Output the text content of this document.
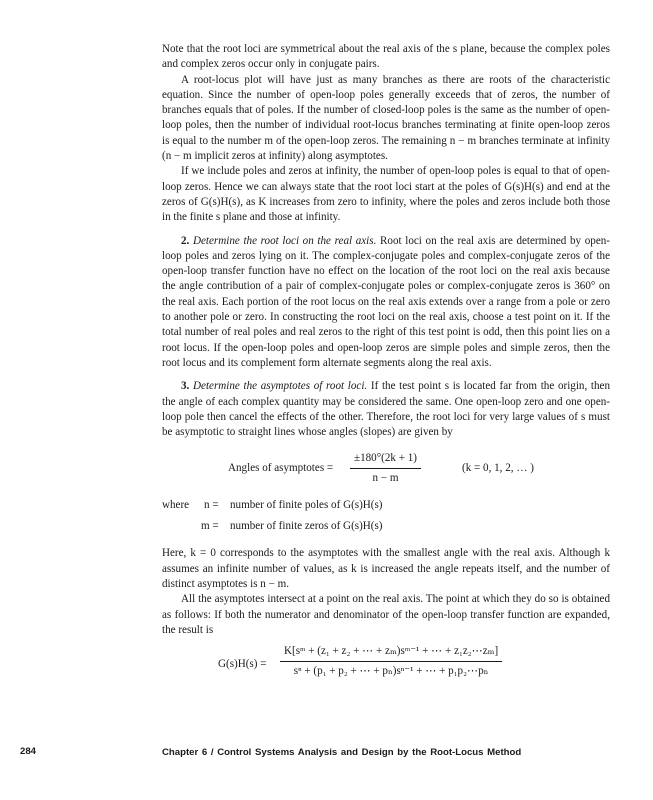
Note that the root loci are symmetrical about the real axis of the s plane, because the complex poles and complex zeros occur only in conjugate pairs.

A root-locus plot will have just as many branches as there are roots of the characteristic equation. Since the number of open-loop poles generally exceeds that of zeros, the number of branches equals that of poles. If the number of closed-loop poles is the same as the number of open-loop poles, then the number of individual root-locus branches terminating at finite open-loop zeros is equal to the number m of the open-loop zeros. The remaining n − m branches terminate at infinity (n − m implicit zeros at infinity) along asymptotes.

If we include poles and zeros at infinity, the number of open-loop poles is equal to that of open-loop zeros. Hence we can always state that the root loci start at the poles of G(s)H(s) and end at the zeros of G(s)H(s), as K increases from zero to infinity, where the poles and zeros include both those in the finite s plane and those at infinity.

2. Determine the root loci on the real axis. Root loci on the real axis are determined by open-loop poles and zeros lying on it. The complex-conjugate poles and complex-conjugate zeros of the open-loop transfer function have no effect on the location of the root loci on the real axis because the angle contribution of a pair of complex-conjugate poles or complex-conjugate zeros is 360° on the real axis. Each portion of the root locus on the real axis extends over a range from a pole or zero to another pole or zero. In constructing the root loci on the real axis, choose a test point on it. If the total number of real poles and real zeros to the right of this test point is odd, then this point lies on a root locus. If the open-loop poles and open-loop zeros are simple poles and simple zeros, then the root locus and its complement form alternate segments along the real axis.

3. Determine the asymptotes of root loci. If the test point s is located far from the origin, then the angle of each complex quantity may be considered the same. One open-loop zero and one open-loop pole then cancel the effects of the other. Therefore, the root loci for very large values of s must be asymptotic to straight lines whose angles (slopes) are given by

Angles of asymptotes =
±180°(2k + 1)
n − m
(k = 0, 1, 2, … )
where n = number of finite poles of G(s)H(s)
m = number of finite zeros of G(s)H(s)

Here, k = 0 corresponds to the asymptotes with the smallest angle with the real axis. Although k assumes an infinite number of values, as k is increased the angle repeats itself, and the number of distinct asymptotes is n − m.

All the asymptotes intersect at a point on the real axis. The point at which they do so is obtained as follows: If both the numerator and denominator of the open-loop transfer function are expanded, the result is

G(s)H(s) =
K[sᵐ + (z₁ + z₂ + ⋯ + zₘ)sᵐ⁻¹ + ⋯ + z₁z₂⋯zₘ]
sⁿ + (p₁ + p₂ + ⋯ + pₙ)sⁿ⁻¹ + ⋯ + p₁p₂⋯pₙ
284	Chapter 6 / Control Systems Analysis and Design by the Root-Locus Method
